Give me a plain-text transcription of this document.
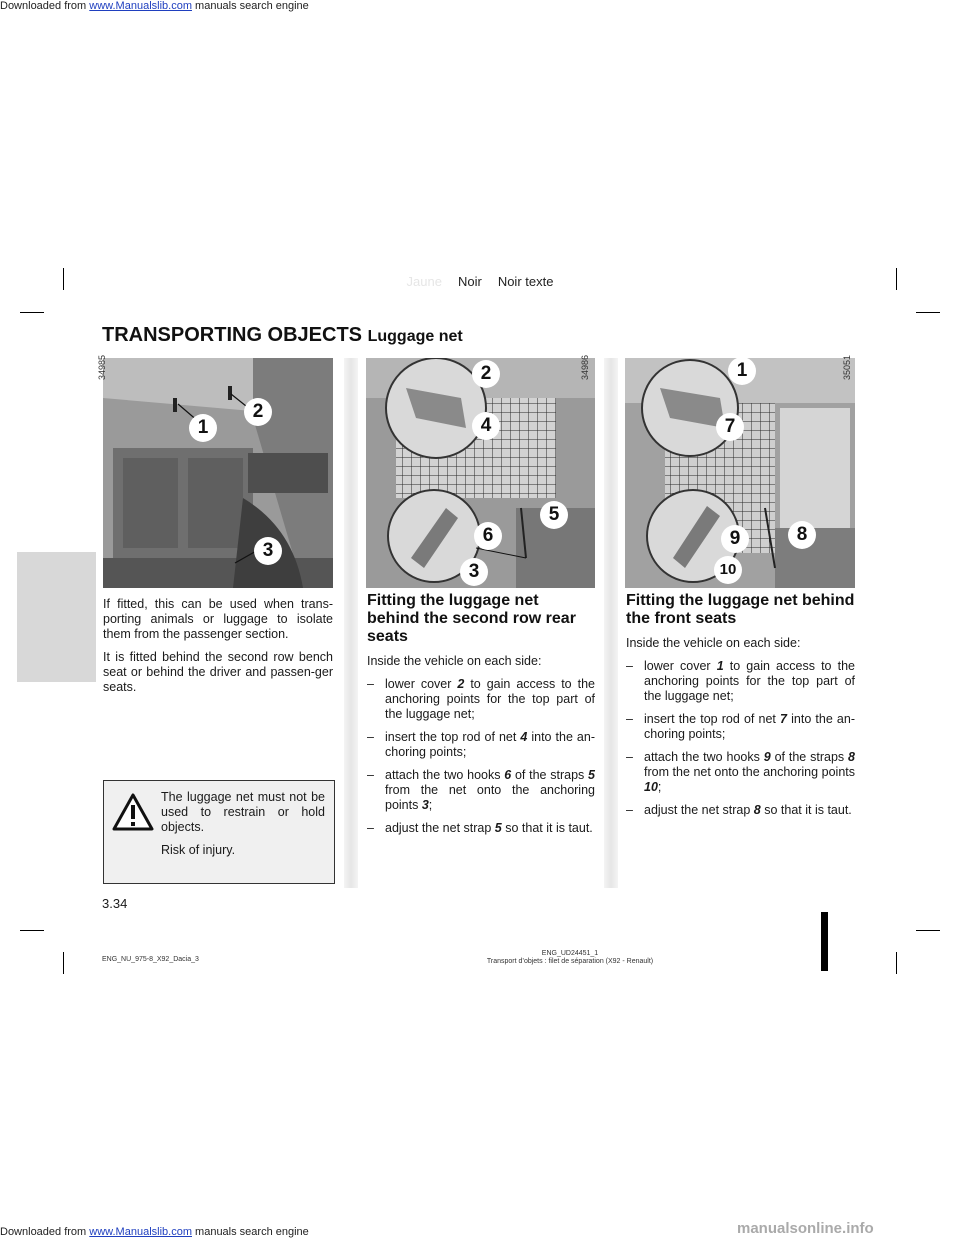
Downloaded from www.Manualslib.com manuals search engine
Jaune Noir Noir texte
TRANSPORTING OBJECTS Luggage net
34985	34986	35051
1
2
3
2
4
5
6
3
1
7
8
9
10

If fitted, this can be used when trans-porting animals or luggage to isolate them from the passenger section.

It is fitted behind the second row bench seat or behind the driver and passen-ger seats.

The luggage net must not be used to restrain or hold objects.

Risk of injury.

Fitting the luggage net behind the second row rear seats

Inside the vehicle on each side:

– lower cover 2 to gain access to the anchoring points for the top part of the luggage net;
– insert the top rod of net 4 into the an-choring points;
– attach the two hooks 6 of the straps 5 from the net onto the anchoring points 3;
– adjust the net strap 5 so that it is taut.
Fitting the luggage net behind the front seats

Inside the vehicle on each side:

– lower cover 1 to gain access to the anchoring points for the top part of the luggage net;
– insert the top rod of net 7 into the an-choring points;
– attach the two hooks 9 of the straps 8 from the net onto the anchoring points 10;
– adjust the net strap 8 so that it is taut.
3.34
ENG_NU_975-8_X92_Dacia_3
ENG_UD24451_1
Transport d’objets : filet de séparation (X92 - Renault)
Downloaded from www.Manualslib.com manuals search engine	manualsonline.info
